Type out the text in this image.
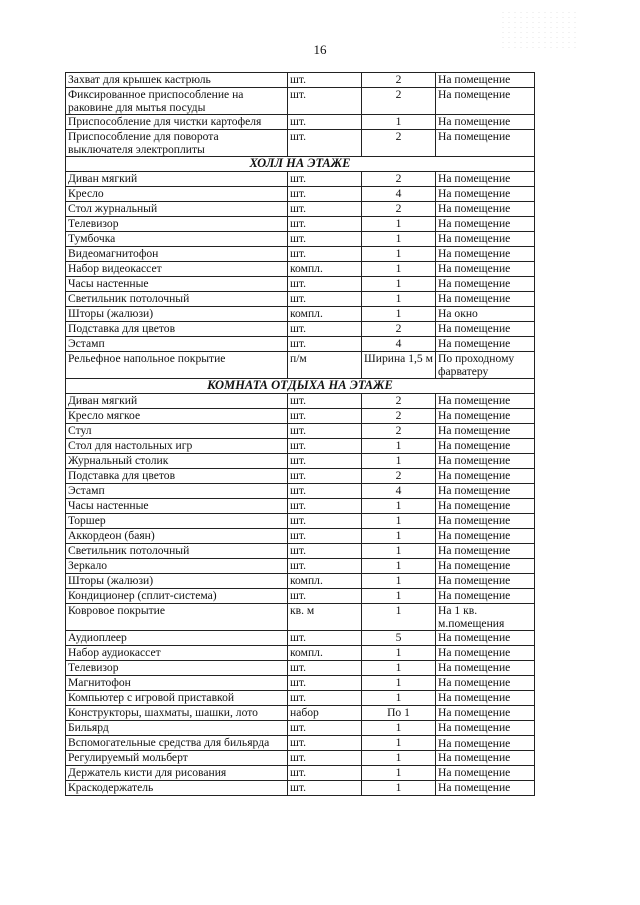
16
Захват для крышек кастрюль	шт.	2	На помещение
Фиксированное приспособление на раковине для мытья посуды	шт.	2	На помещение
Приспособление для чистки картофеля	шт.	1	На помещение
Приспособление для поворота выключателя электроплиты	шт.	2	На помещение
ХОЛЛ НА ЭТАЖЕ			
Диван мягкий	шт.	2	На помещение
Кресло	шт.	4	На помещение
Стол журнальный	шт.	2	На помещение
Телевизор	шт.	1	На помещение
Тумбочка	шт.	1	На помещение
Видеомагнитофон	шт.	1	На помещение
Набор видеокассет	компл.	1	На помещение
Часы настенные	шт.	1	На помещение
Светильник потолочный	шт.	1	На помещение
Шторы (жалюзи)	компл.	1	На окно
Подставка для цветов	шт.	2	На помещение
Эстамп	шт.	4	На помещение
Рельефное напольное покрытие	п/м	Ширина 1,5 м	По проходному фарватеру
КОМНАТА ОТДЫХА НА ЭТАЖЕ			
Диван мягкий	шт.	2	На помещение
Кресло мягкое	шт.	2	На помещение
Стул	шт.	2	На помещение
Стол для настольных игр	шт.	1	На помещение
Журнальный столик	шт.	1	На помещение
Подставка для цветов	шт.	2	На помещение
Эстамп	шт.	4	На помещение
Часы настенные	шт.	1	На помещение
Торшер	шт.	1	На помещение
Аккордеон (баян)	шт.	1	На помещение
Светильник потолочный	шт.	1	На помещение
Зеркало	шт.	1	На помещение
Шторы (жалюзи)	компл.	1	На помещение
Кондиционер (сплит-система)	шт.	1	На помещение
Ковровое покрытие	кв. м	1	На 1 кв. м.помещения
Аудиоплеер	шт.	5	На помещение
Набор аудиокассет	компл.	1	На помещение
Телевизор	шт.	1	На помещение
Магнитофон	шт.	1	На помещение
Компьютер с игровой приставкой	шт.	1	На помещение
Конструкторы, шахматы, шашки, лото	набор	По 1	На помещение
Бильярд	шт.	1	На помещение
Вспомогательные средства для бильярда	шт.	1	На помещение
Регулируемый мольберт	шт.	1	На помещение
Держатель кисти для рисования	шт.	1	На помещение
Краскодержатель	шт.	1	На помещение
